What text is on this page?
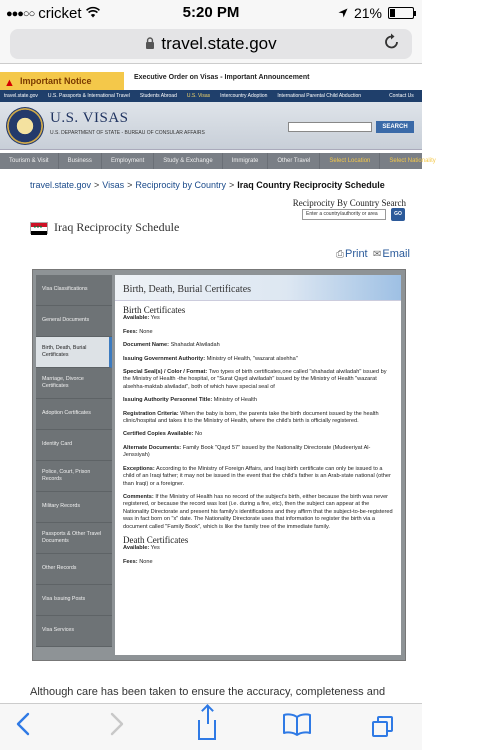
●●●○○ cricket	5:20 PM	21%
travel.state.gov
▲ Important Notice	Executive Order on Visas - Important Announcement
travel.state.gov U.S. Passports & International Travel Students Abroad U.S. Visas Intercountry Adoption International Parental Child Abduction	Contact Us Find U.S. Embassies & Consulates
U.S. VISAS
U.S. DEPARTMENT OF STATE - BUREAU OF CONSULAR AFFAIRS
SEARCH
Tourism & Visit	Business	Employment	Study & Exchange	Immigrate	Other Travel	Select Location	Select Nationality
travel.state.gov > Visas > Reciprocity by Country > Iraq Country Reciprocity Schedule
Reciprocity By Country Search
Enter a country/authority or area	GO
★★★
Iraq Reciprocity Schedule
⎙Print ✉Email
Visa Classifications
General Documents
Birth, Death, Burial Certificates
Marriage, Divorce Certificates
Adoption Certificates
Identity Card
Police, Court, Prison Records
Military Records
Passports & Other Travel Documents
Other Records
Visa Issuing Posts
Visa Services
Birth, Death, Burial Certificates
Birth Certificates
Available: Yes
Fees: None
Document Name: Shahadat Alwiladah
Issuing Government Authority: Ministry of Health, "wazarat alsehha"
Special Seal(s) / Color / Format: Two types of birth certificates,one called "shahadat alwiladah" issued by the Ministry of Health -the hospital, or "Surat Qayd alwiladah" issued by the Ministry of Health "wazarat alsehha-maktab alwiladat", both of which have special seal of
Issuing Authority Personnel Title: Ministry of Health
Registration Criteria: When the baby is born, the parents take the birth document issued by the health clinic/hospital and takes it to the Ministry of Health, where the child's birth is officially registered.
Certified Copies Available: No
Alternate Documents: Family Book "Qayd 57" issued by the Nationality Directorate (Mudeeriyat Al-Jenssiyah)
Exceptions: According to the Ministry of Foreign Affairs, and Iraqi birth certificate can only be issued to a child of an Iraqi father; it may not be issued in the event that the child's father is an Arab-state national (other than Iraqi) or a foreigner.
Comments: If the Ministry of Health has no record of the subject's birth, either because the birth was never registered, or because the record was lost (i.e. during a fire, etc), then the subject can appear at the Nationality Directorate and present his family's identifications and they affirm that the subject-to-be-registered was in fact born on "x" date. The Nationality Directorate uses that information to register the birth via a document called "Family Book", which is like the family tree of the immediate family.
Death Certificates
Available: Yes
Fees: None
Although care has been taken to ensure the accuracy, completeness and
